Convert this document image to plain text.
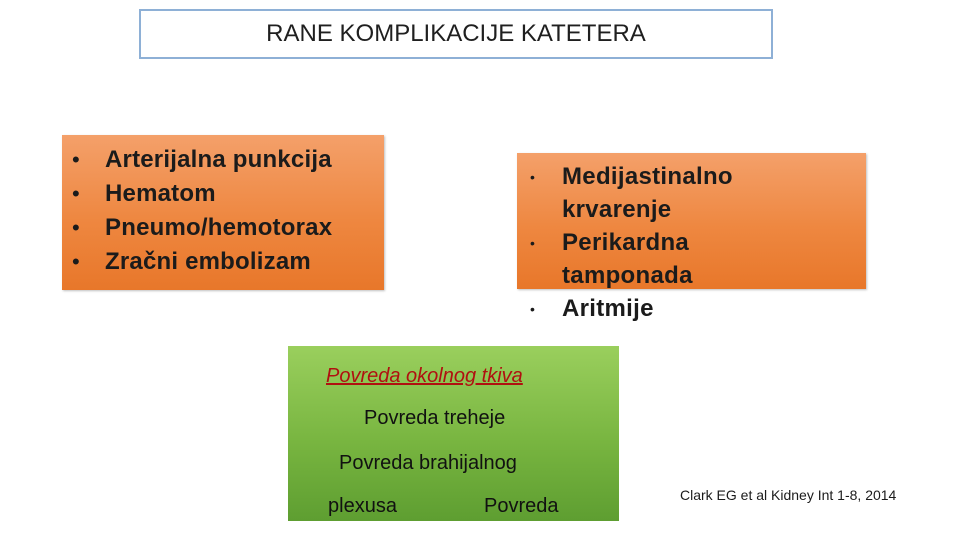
RANE KOMPLIKACIJE KATETERA
• Arterijalna punkcija
• Hematom
• Pneumo/hemotorax
• Zračni embolizam
• Medijastinalno krvarenje
• Perikardna tamponada
• Aritmije
Povreda okolnog tkiva
Povreda treheje
Povreda brahijalnog
plexusa	Povreda	Clark EG et al Kidney Int 1-8, 2014
